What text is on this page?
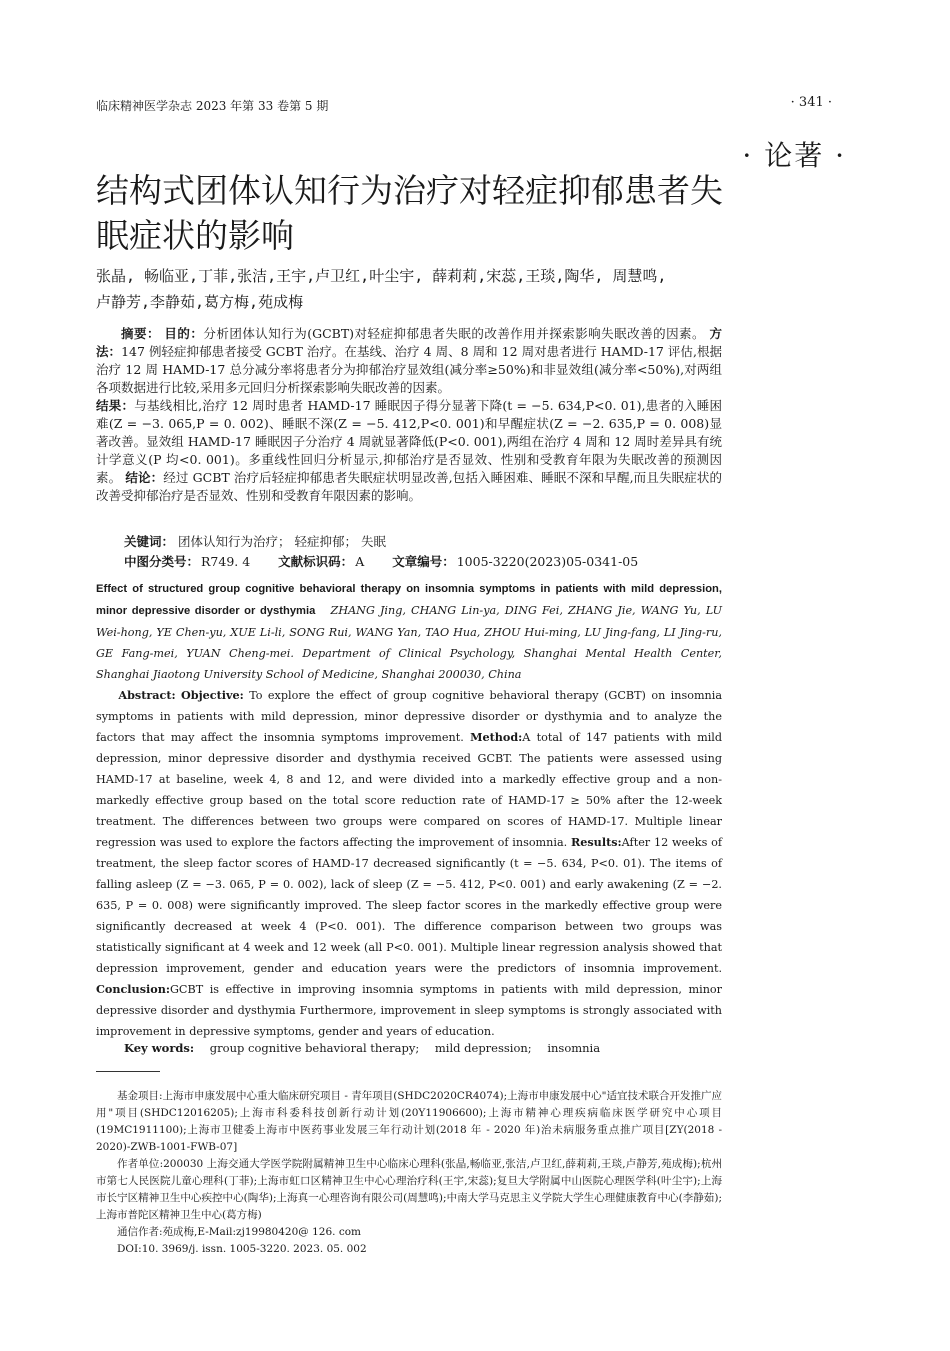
临床精神医学杂志 2023 年第 33 卷第 5 期	· 341 ·
· 论著 ·
结构式团体认知行为治疗对轻症抑郁患者失眠症状的影响
张晶, 畅临亚,丁菲,张洁,王宇,卢卫红,叶尘宇, 薛莉莉,宋蕊,王琰,陶华, 周慧鸣,
卢静芳,李静茹,葛方梅,苑成梅

摘要： 目的：分析团体认知行为(GCBT)对轻症抑郁患者失眠的改善作用并探索影响失眠改善的因素。 方法：147 例轻症抑郁患者接受 GCBT 治疗。在基线、治疗 4 周、8 周和 12 周对患者进行 HAMD-17 评估,根据治疗 12 周 HAMD-17 总分减分率将患者分为抑郁治疗显效组(减分率≥50%)和非显效组(减分率<50%),对两组各项数据进行比较,采用多元回归分析探索影响失眠改善的因素。

结果：与基线相比,治疗 12 周时患者 HAMD-17 睡眠因子得分显著下降(t = −5. 634,P<0. 01),患者的入睡困难(Z = −3. 065,P = 0. 002)、睡眠不深(Z = −5. 412,P<0. 001)和早醒症状(Z = −2. 635,P = 0. 008)显著改善。显效组 HAMD-17 睡眠因子分治疗 4 周就显著降低(P<0. 001),两组在治疗 4 周和 12 周时差异具有统计学意义(P 均<0. 001)。多重线性回归分析显示,抑郁治疗是否显效、性别和受教育年限为失眠改善的预测因素。 结论：经过 GCBT 治疗后轻症抑郁患者失眠症状明显改善,包括入睡困难、睡眠不深和早醒,而且失眠症状的改善受抑郁治疗是否显效、性别和受教育年限因素的影响。

关键词： 团体认知行为治疗； 轻症抑郁； 失眠
中图分类号： R749. 4 文献标识码： A 文章编号： 1005-3220(2023)05-0341-05

Effect of structured group cognitive behavioral therapy on insomnia symptoms in patients with mild depression, minor depressive disorder or dysthymia ZHANG Jing, CHANG Lin-ya, DING Fei, ZHANG Jie, WANG Yu, LU Wei-hong, YE Chen-yu, XUE Li-li, SONG Rui, WANG Yan, TAO Hua, ZHOU Hui-ming, LU Jing-fang, LI Jing-ru, GE Fang-mei, YUAN Cheng-mei. Department of Clinical Psychology, Shanghai Mental Health Center, Shanghai Jiaotong University School of Medicine, Shanghai 200030, China

Abstract: Objective: To explore the effect of group cognitive behavioral therapy (GCBT) on insomnia symptoms in patients with mild depression, minor depressive disorder or dysthymia and to analyze the factors that may affect the insomnia symptoms improvement. Method:A total of 147 patients with mild depression, minor depressive disorder and dysthymia received GCBT. The patients were assessed using HAMD-17 at baseline, week 4, 8 and 12, and were divided into a markedly effective group and a non-markedly effective group based on the total score reduction rate of HAMD-17 ≥ 50% after the 12-week treatment. The differences between two groups were compared on scores of HAMD-17. Multiple linear regression was used to explore the factors affecting the improvement of insomnia. Results:After 12 weeks of treatment, the sleep factor scores of HAMD-17 decreased significantly (t = −5. 634, P<0. 01). The items of falling asleep (Z = −3. 065, P = 0. 002), lack of sleep (Z = −5. 412, P<0. 001) and early awakening (Z = −2. 635, P = 0. 008) were significantly improved. The sleep factor scores in the markedly effective group were significantly decreased at week 4 (P<0. 001). The difference comparison between two groups was statistically significant at 4 week and 12 week (all P<0. 001). Multiple linear regression analysis showed that depression improvement, gender and education years were the predictors of insomnia improvement. Conclusion:GCBT is effective in improving insomnia symptoms in patients with mild depression, minor depressive disorder and dysthymia Furthermore, improvement in sleep symptoms is strongly associated with improvement in depressive symptoms, gender and years of education.

Key words: group cognitive behavioral therapy; mild depression; insomnia

基金项目:上海市申康发展中心重大临床研究项目 - 青年项目(SHDC2020CR4074);上海市申康发展中心"适宜技术联合开发推广应用"项目(SHDC12016205);上海市科委科技创新行动计划(20Y11906600);上海市精神心理疾病临床医学研究中心项目(19MC1911100);上海市卫健委上海市中医药事业发展三年行动计划(2018 年 - 2020 年)治未病服务重点推广项目[ZY(2018 - 2020)-ZWB-1001-FWB-07]

作者单位:200030 上海交通大学医学院附属精神卫生中心临床心理科(张晶,畅临亚,张洁,卢卫红,薛莉莉,王琰,卢静芳,苑成梅);杭州市第七人民医院儿童心理科(丁菲);上海市虹口区精神卫生中心心理治疗科(王宇,宋蕊);复旦大学附属中山医院心理医学科(叶尘宇);上海市长宁区精神卫生中心疾控中心(陶华);上海真一心理咨询有限公司(周慧鸣);中南大学马克思主义学院大学生心理健康教育中心(李静茹);上海市普陀区精神卫生中心(葛方梅)

通信作者:苑成梅,E-Mail:zj19980420@ 126. com

DOI:10. 3969/j. issn. 1005-3220. 2023. 05. 002
